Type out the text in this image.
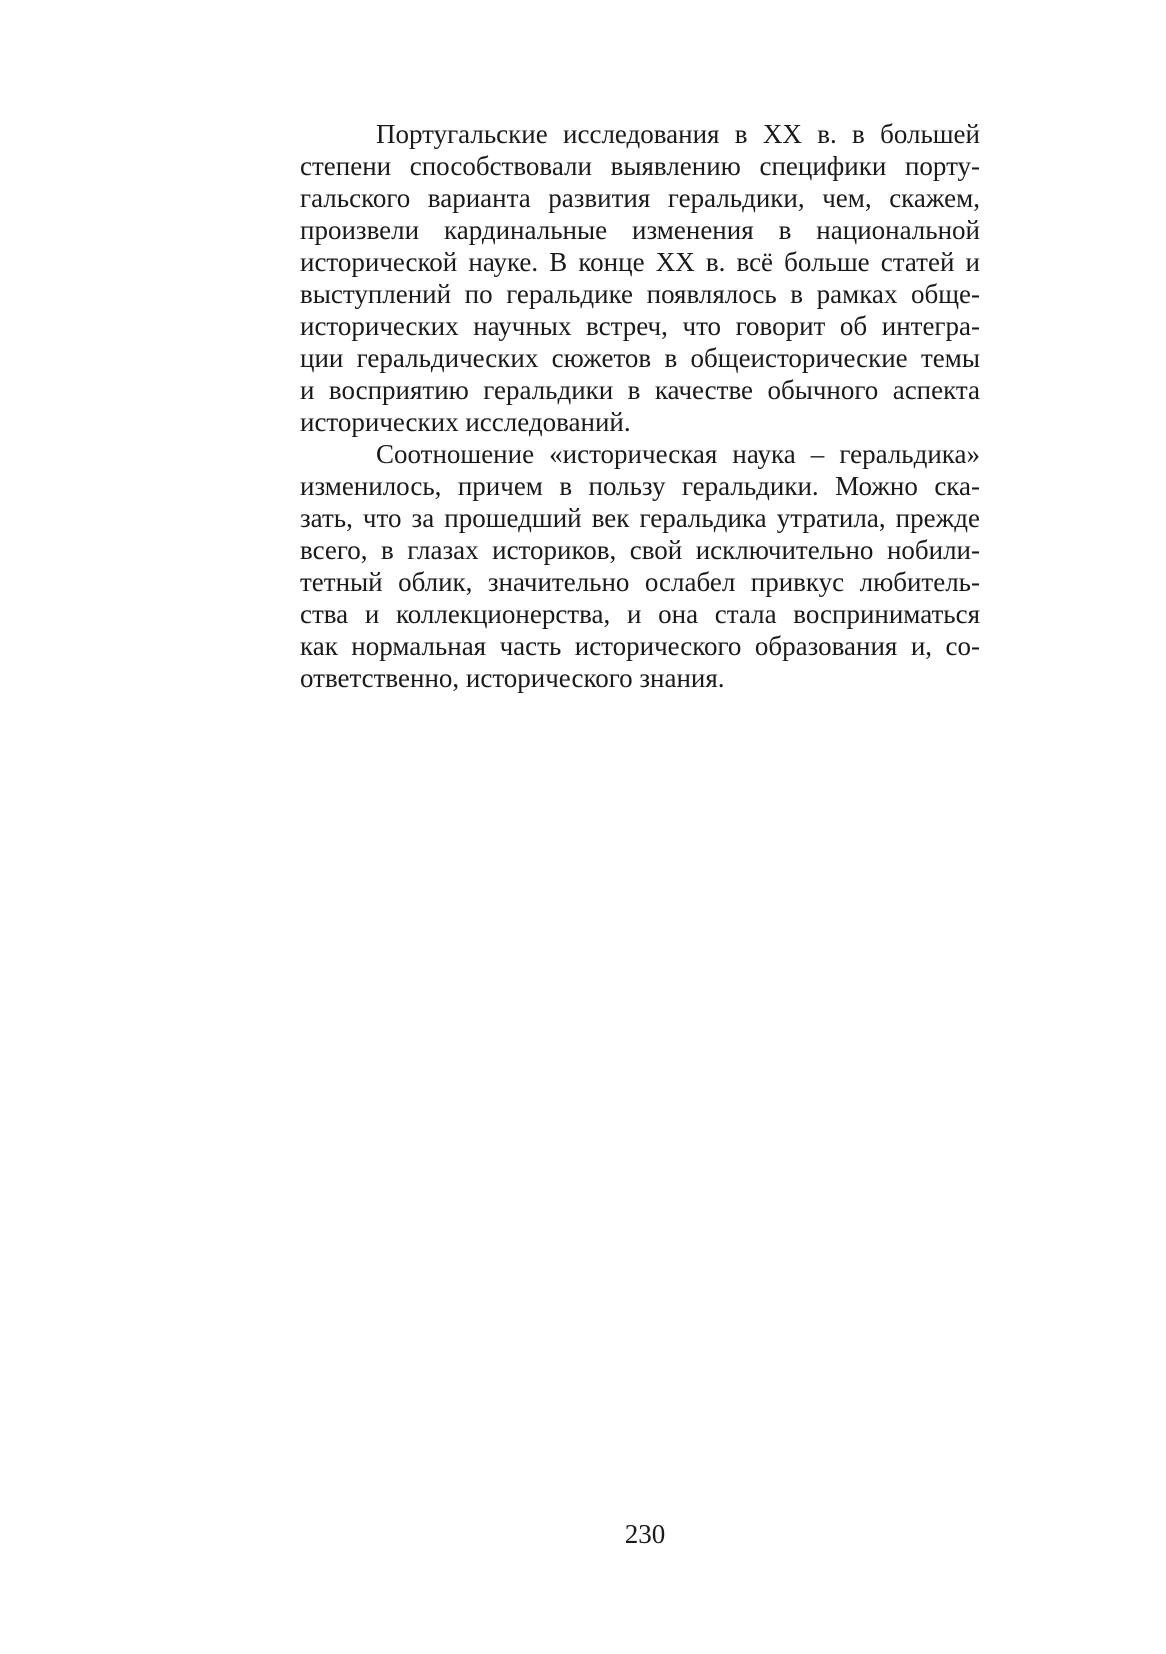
Португальские исследования в ХХ в. в большей
степени способствовали выявлению специфики порту-
гальского варианта развития геральдики, чем, скажем,
произвели кардинальные изменения в национальной
исторической науке. В конце ХХ в. всё больше статей и
выступлений по геральдике появлялось в рамках обще-
исторических научных встреч, что говорит об интегра-
ции геральдических сюжетов в общеисторические темы
и восприятию геральдики в качестве обычного аспекта
исторических исследований.
Соотношение «историческая наука – геральдика»
изменилось, причем в пользу геральдики. Можно ска-
зать, что за прошедший век геральдика утратила, прежде
всего, в глазах историков, свой исключительно нобили-
тетный облик, значительно ослабел привкус любитель-
ства и коллекционерства, и она стала восприниматься
как нормальная часть исторического образования и, со-
ответственно, исторического знания.
230
